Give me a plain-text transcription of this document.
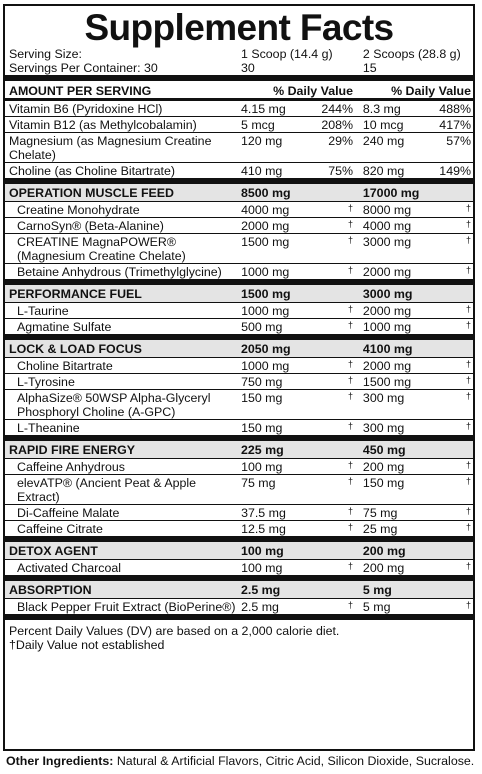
Supplement Facts
Serving Size:	1 Scoop (14.4 g)	2 Scoops (28.8 g)
Servings Per Container: 30	30	15
AMOUNT PER SERVING	% Daily Value	% Daily Value
Vitamin B6 (Pyridoxine HCl)	4.15 mg	244% 8.3 mg	488%
Vitamin B12 (as Methylcobalamin)	5 mcg	208% 10 mcg	417%
Magnesium (as Magnesium Creatine Chelate)
120 mg	29% 240 mg	57%
Choline (as Choline Bitartrate)	410 mg	75% 820 mg	149%
OPERATION MUSCLE FEED	8500 mg	17000 mg
Creatine Monohydrate	4000 mg	† 8000 mg	†
CarnoSyn® (Beta-Alanine)	2000 mg	† 4000 mg	†
CREATINE MagnaPOWER® (Magnesium Creatine Chelate)
1500 mg	† 3000 mg	†
Betaine Anhydrous (Trimethylglycine)	1000 mg	† 2000 mg	†
PERFORMANCE FUEL	1500 mg	3000 mg
L-Taurine	1000 mg	† 2000 mg	†
Agmatine Sulfate	500 mg	† 1000 mg	†
LOCK & LOAD FOCUS	2050 mg	4100 mg
Choline Bitartrate	1000 mg	† 2000 mg	†
L-Tyrosine	750 mg	† 1500 mg	†
AlphaSize® 50WSP Alpha-Glyceryl Phosphoryl Choline (A-GPC)
150 mg	† 300 mg	†
L-Theanine	150 mg	† 300 mg	†
RAPID FIRE ENERGY	225 mg	450 mg
Caffeine Anhydrous	100 mg	† 200 mg	†
elevATP® (Ancient Peat & Apple Extract)
75 mg	† 150 mg	†
Di-Caffeine Malate	37.5 mg	† 75 mg	†
Caffeine Citrate	12.5 mg	† 25 mg	†
DETOX AGENT	100 mg	200 mg
Activated Charcoal	100 mg	† 200 mg	†
ABSORPTION	2.5 mg	5 mg
Black Pepper Fruit Extract (BioPerine®) 2.5 mg	† 5 mg	†
Percent Daily Values (DV) are based on a 2,000 calorie diet.
†Daily Value not established
Other Ingredients: Natural & Artificial Flavors, Citric Acid, Silicon Dioxide, Sucralose.
